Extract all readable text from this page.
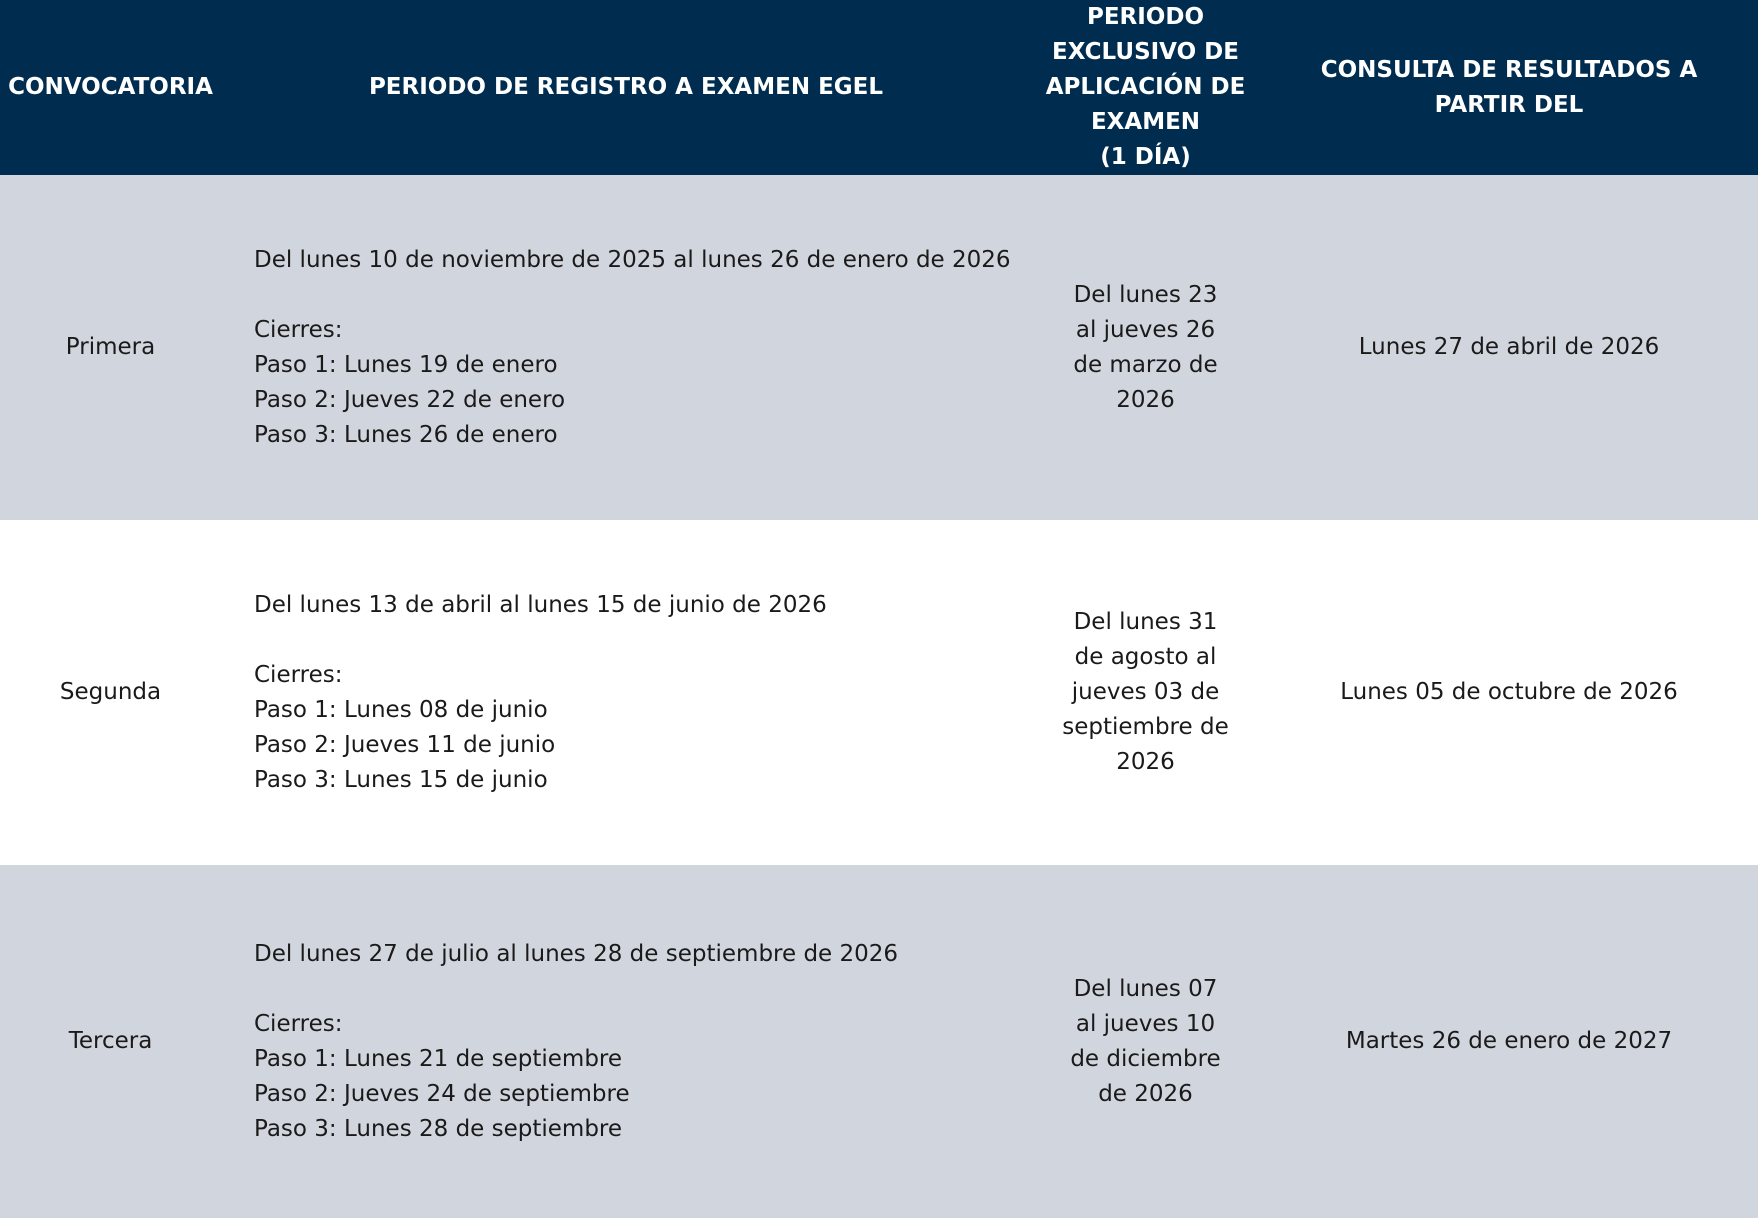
CONVOCATORIA	PERIODO DE REGISTRO A EXAMEN EGEL	PERIODO EXCLUSIVO DE APLICACIÓN DE
EXAMEN
(1 DÍA)	CONSULTA DE RESULTADOS A
PARTIR DEL
Primera	Del lunes 10 de noviembre de 2025 al lunes 26 de enero de 2026
Cierres:
Paso 1: Lunes 19 de enero
Paso 2: Jueves 22 de enero
Paso 3: Lunes 26 de enero	Del lunes 23 al jueves 26 de marzo de 2026	Lunes 27 de abril de 2026
Segunda	Del lunes 13 de abril al lunes 15 de junio de 2026
Cierres:
Paso 1: Lunes 08 de junio
Paso 2: Jueves 11 de junio
Paso 3: Lunes 15 de junio	Del lunes 31 de agosto al jueves 03 de septiembre de 2026	Lunes 05 de octubre de 2026
Tercera	Del lunes 27 de julio al lunes 28 de septiembre de 2026
Cierres:
Paso 1: Lunes 21 de septiembre
Paso 2: Jueves 24 de septiembre
Paso 3: Lunes 28 de septiembre	Del lunes 07 al jueves 10 de diciembre de 2026	Martes 26 de enero de 2027
